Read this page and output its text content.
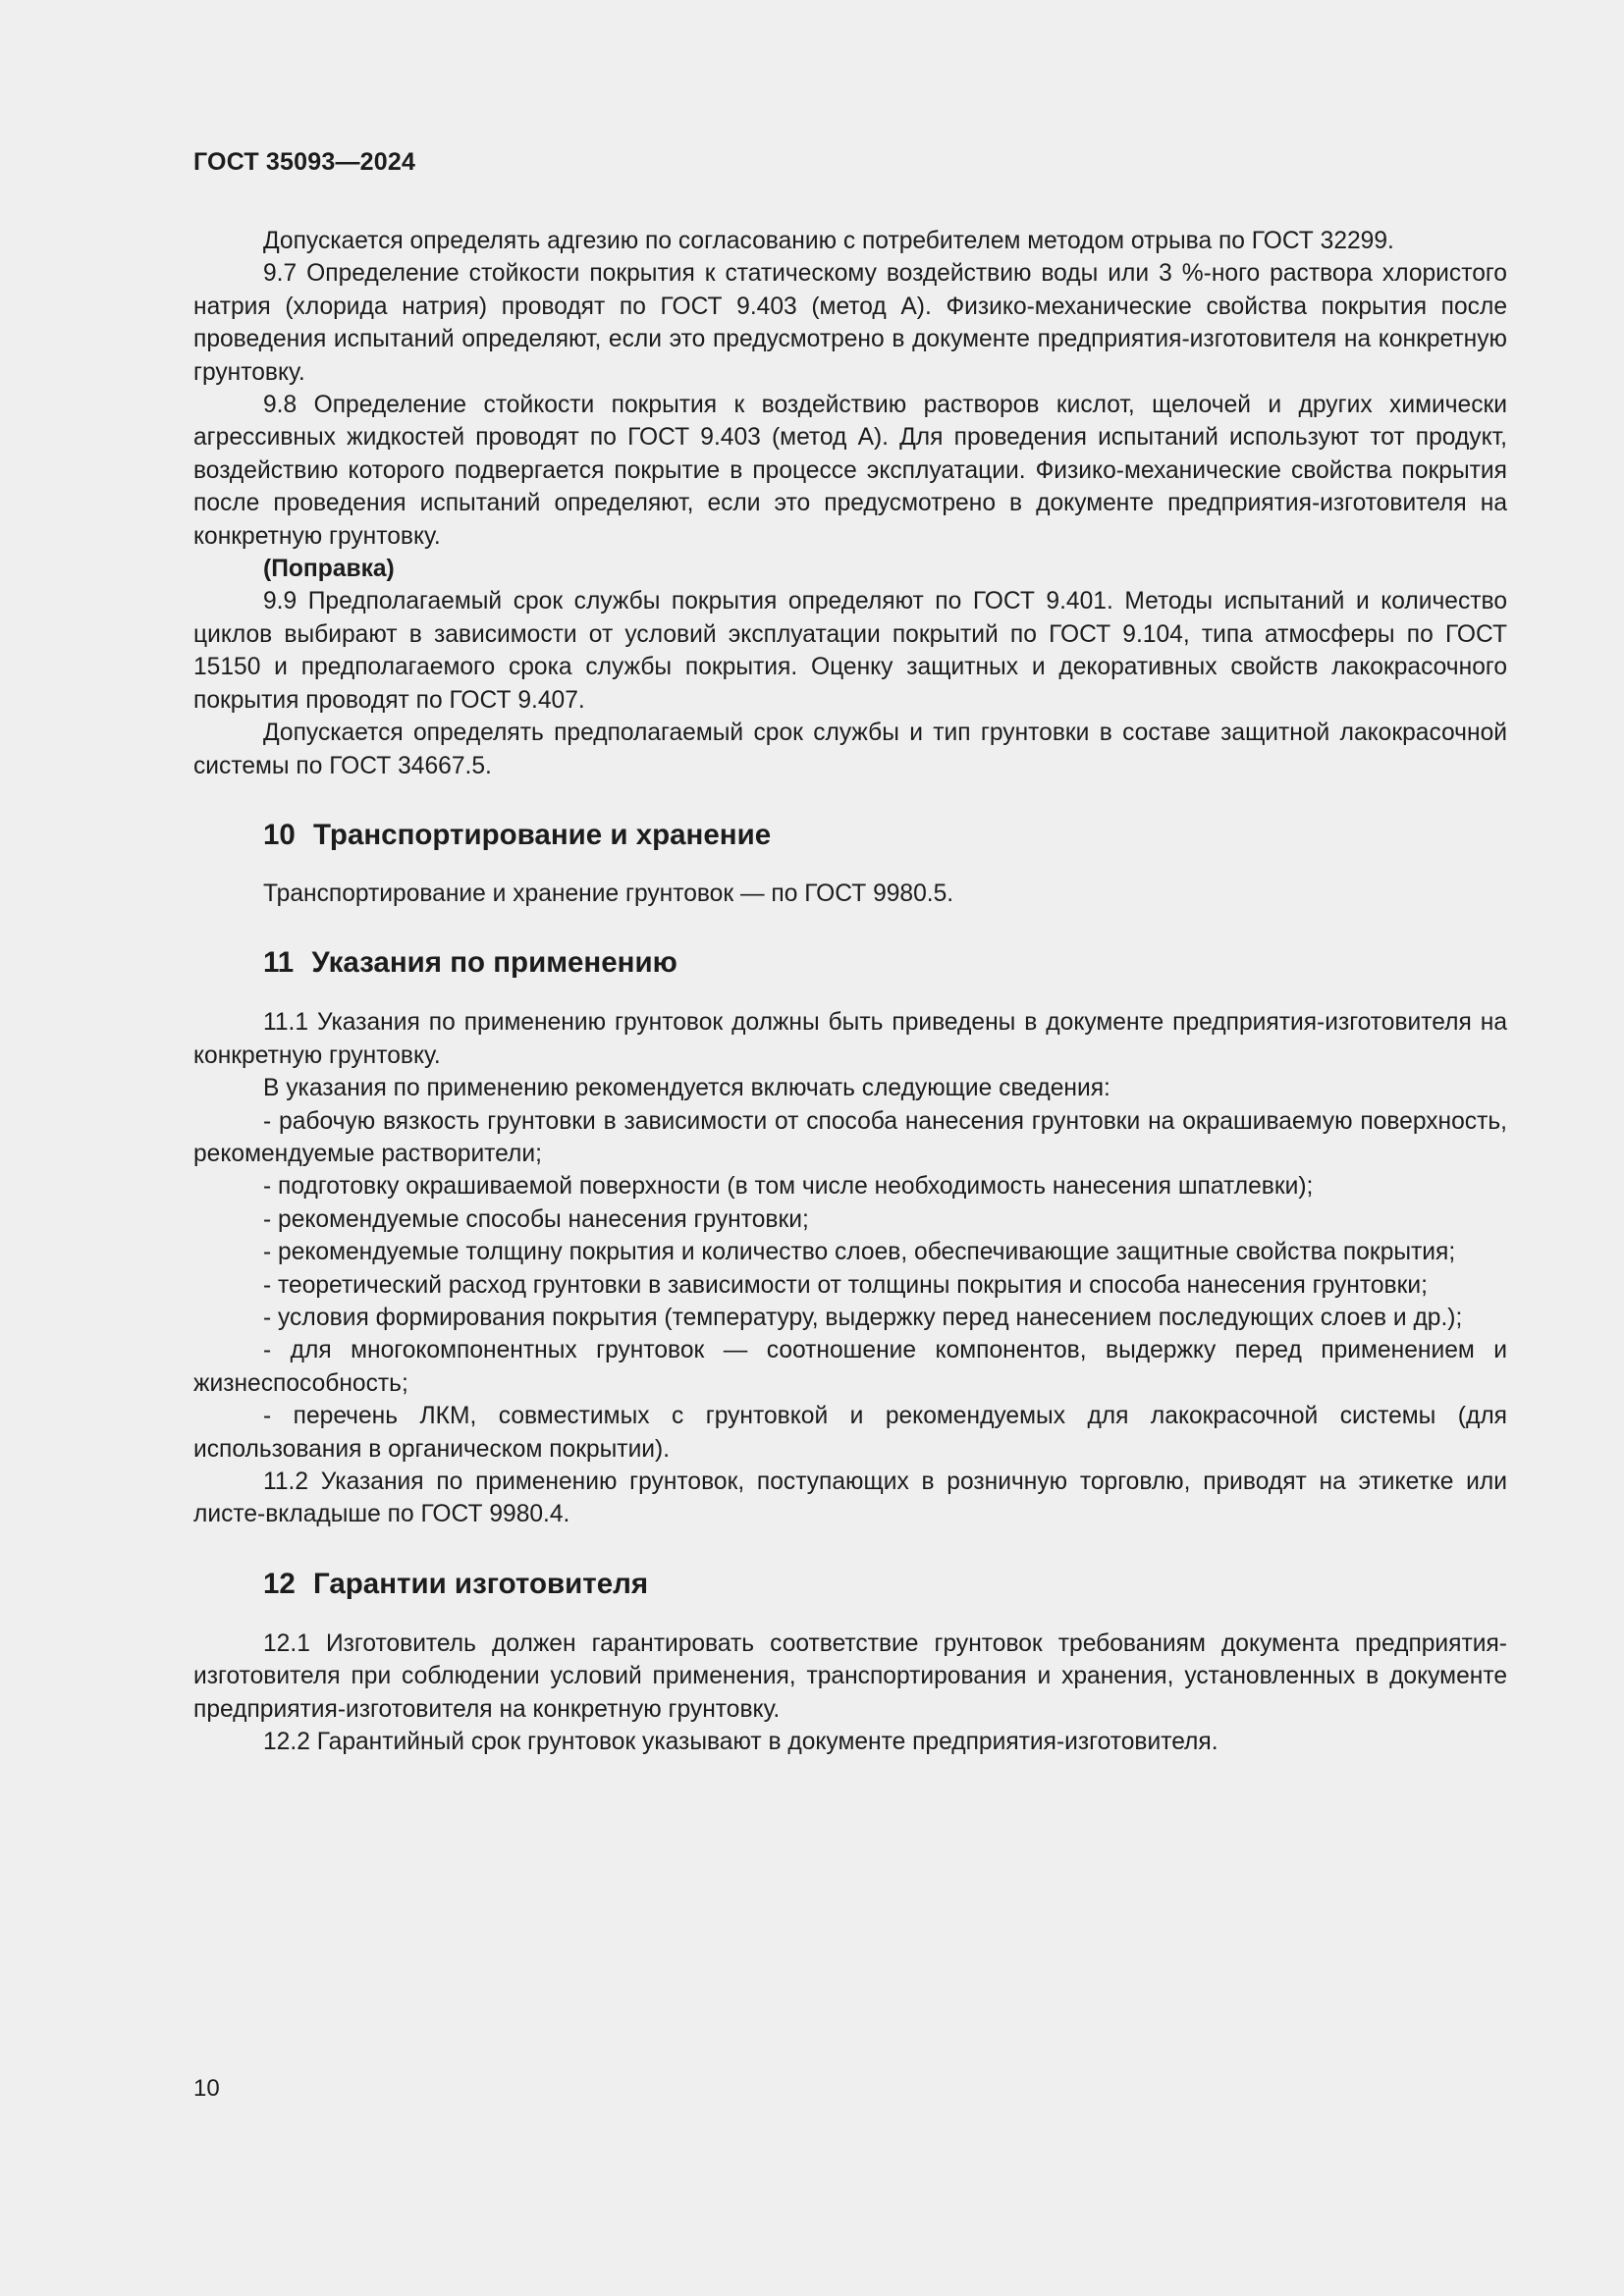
ГОСТ 35093—2024

Допускается определять адгезию по согласованию с потребителем методом отрыва по ГОСТ 32299.

9.7 Определение стойкости покрытия к статическому воздействию воды или 3 %-ного раствора хлористого натрия (хлорида натрия) проводят по ГОСТ 9.403 (метод А). Физико-механические свойства покрытия после проведения испытаний определяют, если это предусмотрено в документе предприятия-изготовителя на конкретную грунтовку.

9.8 Определение стойкости покрытия к воздействию растворов кислот, щелочей и других химически агрессивных жидкостей проводят по ГОСТ 9.403 (метод А). Для проведения испытаний используют тот продукт, воздействию которого подвергается покрытие в процессе эксплуатации. Физико-механические свойства покрытия после проведения испытаний определяют, если это предусмотрено в документе предприятия-изготовителя на конкретную грунтовку.

(Поправка)

9.9 Предполагаемый срок службы покрытия определяют по ГОСТ 9.401. Методы испытаний и количество циклов выбирают в зависимости от условий эксплуатации покрытий по ГОСТ 9.104, типа атмосферы по ГОСТ 15150 и предполагаемого срока службы покрытия. Оценку защитных и декоративных свойств лакокрасочного покрытия проводят по ГОСТ 9.407.

Допускается определять предполагаемый срок службы и тип грунтовки в составе защитной лакокрасочной системы по ГОСТ 34667.5.

10 Транспортирование и хранение

Транспортирование и хранение грунтовок — по ГОСТ 9980.5.

11 Указания по применению

11.1 Указания по применению грунтовок должны быть приведены в документе предприятия-изготовителя на конкретную грунтовку.

В указания по применению рекомендуется включать следующие сведения:

- рабочую вязкость грунтовки в зависимости от способа нанесения грунтовки на окрашиваемую поверхность, рекомендуемые растворители;

- подготовку окрашиваемой поверхности (в том числе необходимость нанесения шпатлевки);

- рекомендуемые способы нанесения грунтовки;

- рекомендуемые толщину покрытия и количество слоев, обеспечивающие защитные свойства покрытия;

- теоретический расход грунтовки в зависимости от толщины покрытия и способа нанесения грунтовки;

- условия формирования покрытия (температуру, выдержку перед нанесением последующих слоев и др.);

- для многокомпонентных грунтовок — соотношение компонентов, выдержку перед применением и жизнеспособность;

- перечень ЛКМ, совместимых с грунтовкой и рекомендуемых для лакокрасочной системы (для использования в органическом покрытии).

11.2 Указания по применению грунтовок, поступающих в розничную торговлю, приводят на этикетке или листе-вкладыше по ГОСТ 9980.4.

12 Гарантии изготовителя

12.1 Изготовитель должен гарантировать соответствие грунтовок требованиям документа предприятия-изготовителя при соблюдении условий применения, транспортирования и хранения, установленных в документе предприятия-изготовителя на конкретную грунтовку.

12.2 Гарантийный срок грунтовок указывают в документе предприятия-изготовителя.

10
